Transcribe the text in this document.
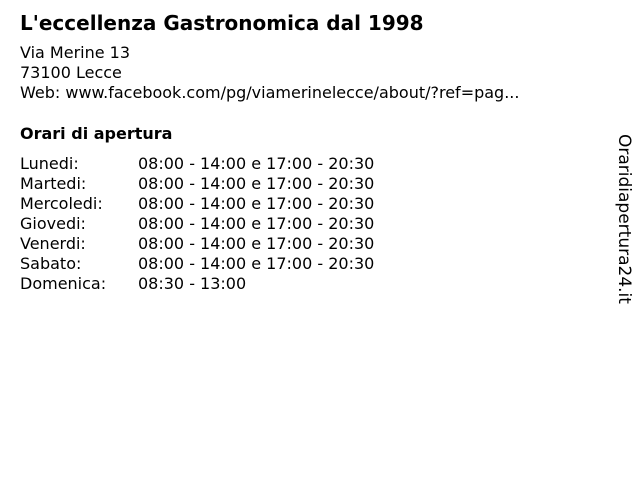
L'eccellenza Gastronomica dal 1998
Via Merine 13
73100 Lecce
Web: www.facebook.com/pg/viamerinelecce/about/?ref=pag...
Orari di apertura
Lunedi:	08:00 - 14:00 e 17:00 - 20:30
Martedi:	08:00 - 14:00 e 17:00 - 20:30
Mercoledi:	08:00 - 14:00 e 17:00 - 20:30
Giovedi:	08:00 - 14:00 e 17:00 - 20:30
Venerdi:	08:00 - 14:00 e 17:00 - 20:30
Sabato:	08:00 - 14:00 e 17:00 - 20:30
Domenica:	08:30 - 13:00	Oraridiapertura24.it
